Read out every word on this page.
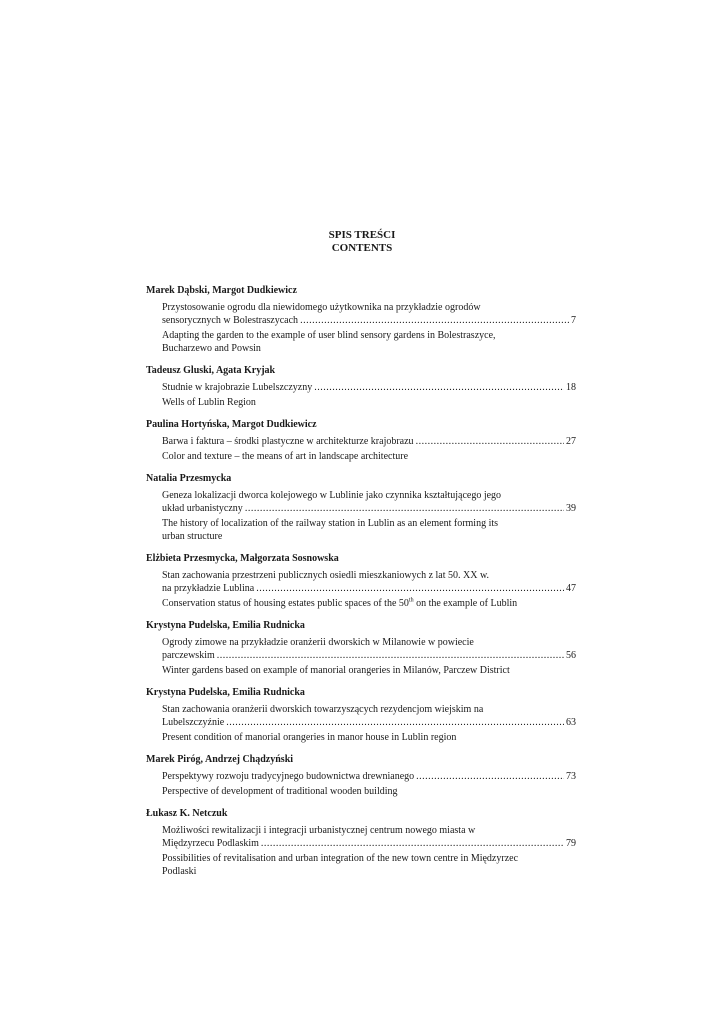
SPIS TREŚCI
CONTENTS
Marek Dąbski, Margot Dudkiewicz
Przystosowanie ogrodu dla niewidomego użytkownika na przykładzie ogrodów
sensorycznych w Bolestraszycach .....	7
Adapting the garden to the example of user blind sensory gardens in Bolestraszyce,
Bucharzewo and Powsin
Tadeusz Gluski, Agata Kryjak
Studnie w krajobrazie Lubelszczyzny .....	18
Wells of Lublin Region
Paulina Hortyńska, Margot Dudkiewicz
Barwa i faktura – środki plastyczne w architekturze krajobrazu .....	27
Color and texture – the means of art in landscape architecture
Natalia Przesmycka
Geneza lokalizacji dworca kolejowego w Lublinie jako czynnika kształtującego jego
układ urbanistyczny .....	39
The history of localization of the railway station in Lublin as an element forming its
urban structure
Elżbieta Przesmycka, Małgorzata Sosnowska
Stan zachowania przestrzeni publicznych osiedli mieszkaniowych z lat 50. XX w.
na przykładzie Lublina .....	47
Conservation status of housing estates public spaces of the 50th on the example of Lublin
Krystyna Pudelska, Emilia Rudnicka
Ogrody zimowe na przykładzie oranżerii dworskich w Milanowie w powiecie
parczewskim .....	56
Winter gardens based on example of manorial orangeries in Milanów, Parczew District
Krystyna Pudelska, Emilia Rudnicka
Stan zachowania oranżerii dworskich towarzyszących rezydencjom wiejskim na
Lubelszczyźnie .....	63
Present condition of manorial orangeries in manor house in Lublin region
Marek Piróg, Andrzej Chądzyński
Perspektywy rozwoju tradycyjnego budownictwa drewnianego .....	73
Perspective of development of traditional wooden building
Łukasz K. Netczuk
Możliwości rewitalizacji i integracji urbanistycznej centrum nowego miasta w
Międzyrzecu Podlaskim .....	79
Possibilities of revitalisation and urban integration of the new town centre in Międzyrzec
Podlaski
